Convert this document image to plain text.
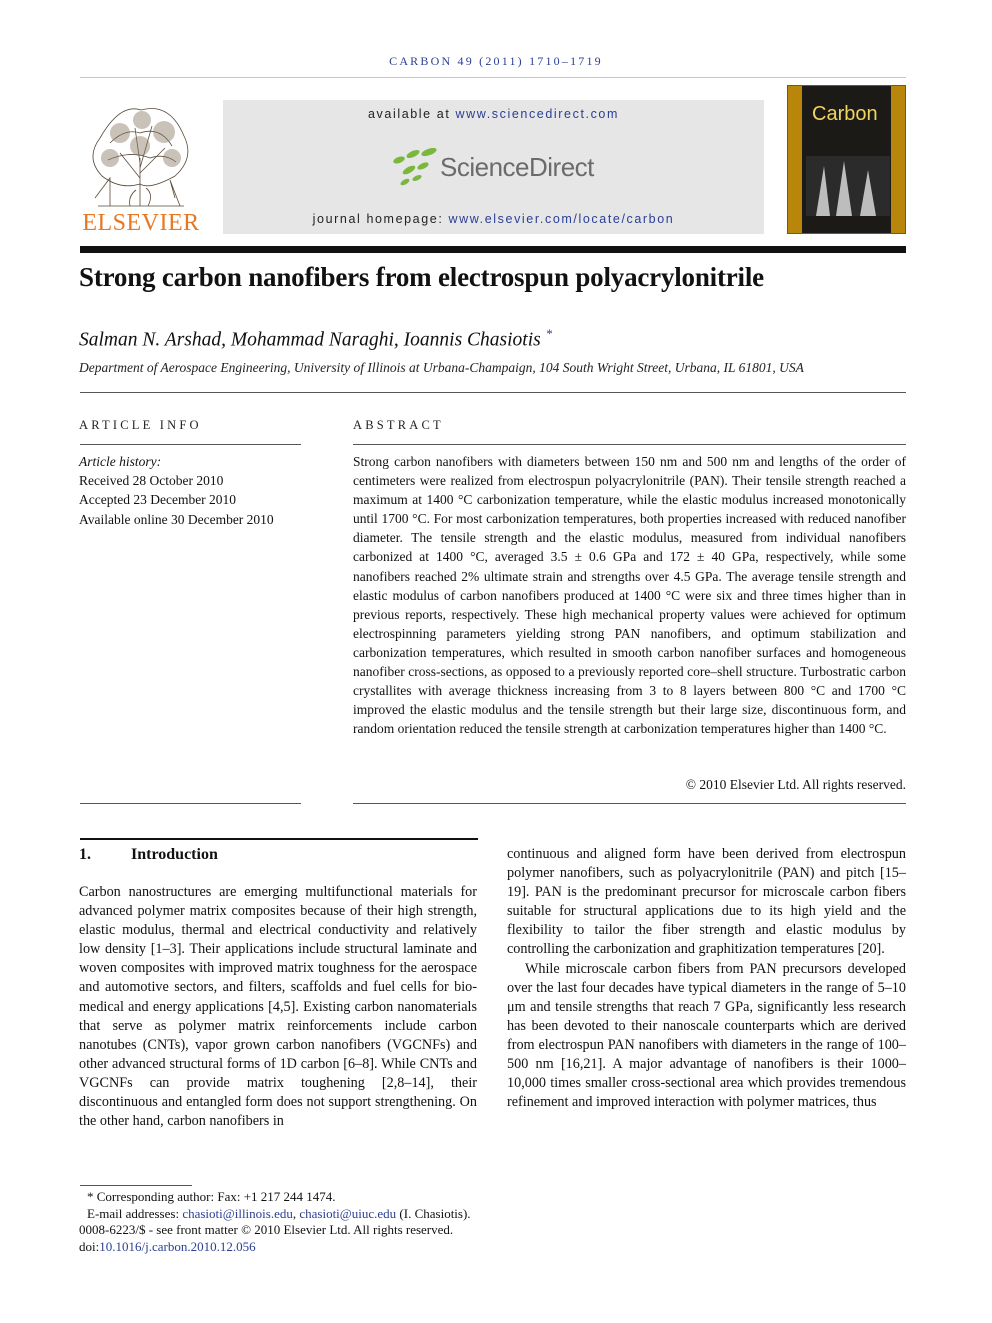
CARBON 49 (2011) 1710–1719
ELSEVIER
available at www.sciencedirect.com
ScienceDirect
journal homepage: www.elsevier.com/locate/carbon
Carbon
Strong carbon nanofibers from electrospun polyacrylonitrile
Salman N. Arshad, Mohammad Naraghi, Ioannis Chasiotis *
Department of Aerospace Engineering, University of Illinois at Urbana-Champaign, 104 South Wright Street, Urbana, IL 61801, USA
ARTICLE INFO
Article history:
Received 28 October 2010
Accepted 23 December 2010
Available online 30 December 2010
ABSTRACT
Strong carbon nanofibers with diameters between 150 nm and 500 nm and lengths of the order of centimeters were realized from electrospun polyacrylonitrile (PAN). Their tensile strength reached a maximum at 1400 °C carbonization temperature, while the elastic modulus increased monotonically until 1700 °C. For most carbonization temperatures, both properties increased with reduced nanofiber diameter. The tensile strength and the elastic modulus, measured from individual nanofibers carbonized at 1400 °C, averaged 3.5 ± 0.6 GPa and 172 ± 40 GPa, respectively, while some nanofibers reached 2% ultimate strain and strengths over 4.5 GPa. The average tensile strength and elastic modulus of carbon nanofibers produced at 1400 °C were six and three times higher than in previous reports, respectively. These high mechanical property values were achieved for optimum electrospinning parameters yielding strong PAN nanofibers, and optimum stabilization and carbonization temperatures, which resulted in smooth carbon nanofiber surfaces and homogeneous nanofiber cross-sections, as opposed to a previously reported core–shell structure. Turbostratic carbon crystallites with average thickness increasing from 3 to 8 layers between 800 °C and 1700 °C improved the elastic modulus and the tensile strength but their large size, discontinuous form, and random orientation reduced the tensile strength at carbonization temperatures higher than 1400 °C.
© 2010 Elsevier Ltd. All rights reserved.
1.	Introduction
Carbon nanostructures are emerging multifunctional materials for advanced polymer matrix composites because of their high strength, elastic modulus, thermal and electrical conductivity and relatively low density [1–3]. Their applications include structural laminate and woven composites with improved matrix toughness for the aerospace and automotive sectors, and filters, scaffolds and fuel cells for bio-medical and energy applications [4,5]. Existing carbon nanomaterials that serve as polymer matrix reinforcements include carbon nanotubes (CNTs), vapor grown carbon nanofibers (VGCNFs) and other advanced structural forms of 1D carbon [6–8]. While CNTs and VGCNFs can provide matrix toughening [2,8–14], their discontinuous and entangled form does not support strengthening. On the other hand, carbon nanofibers in

continuous and aligned form have been derived from electrospun polymer nanofibers, such as polyacrylonitrile (PAN) and pitch [15–19]. PAN is the predominant precursor for microscale carbon fibers suitable for structural applications due to its high yield and the flexibility to tailor the fiber strength and elastic modulus by controlling the carbonization and graphitization temperatures [20].

While microscale carbon fibers from PAN precursors developed over the last four decades have typical diameters in the range of 5–10 μm and tensile strengths that reach 7 GPa, significantly less research has been devoted to their nanoscale counterparts which are derived from electrospun PAN nanofibers with diameters in the range of 100–500 nm [16,21]. A major advantage of nanofibers is their 1000–10,000 times smaller cross-sectional area which provides tremendous refinement and improved interaction with polymer matrices, thus

* Corresponding author: Fax: +1 217 244 1474.
E-mail addresses: chasioti@illinois.edu, chasioti@uiuc.edu (I. Chasiotis).
0008-6223/$ - see front matter © 2010 Elsevier Ltd. All rights reserved.
doi:10.1016/j.carbon.2010.12.056
